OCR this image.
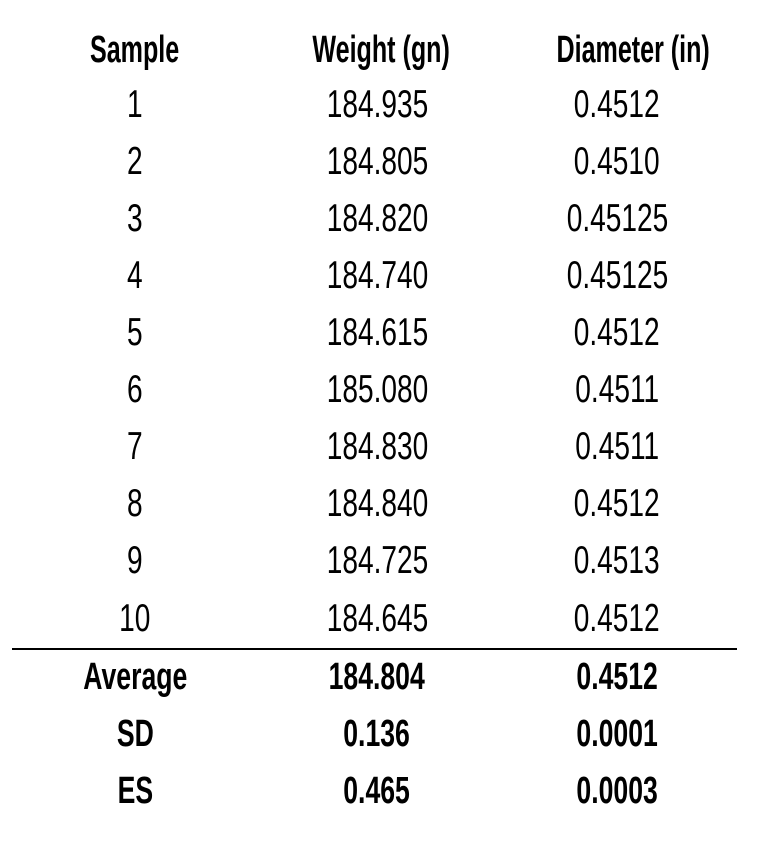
Sample	Weight (gn)	Diameter (in)
1	184.935	0.4512
2	184.805	0.4510
3	184.820	0.45125
4	184.740	0.45125
5	184.615	0.4512
6	185.080	0.4511
7	184.830	0.4511
8	184.840	0.4512
9	184.725	0.4513
10	184.645	0.4512
Average	184.804	0.4512
SD	0.136	0.0001
ES	0.465	0.0003
